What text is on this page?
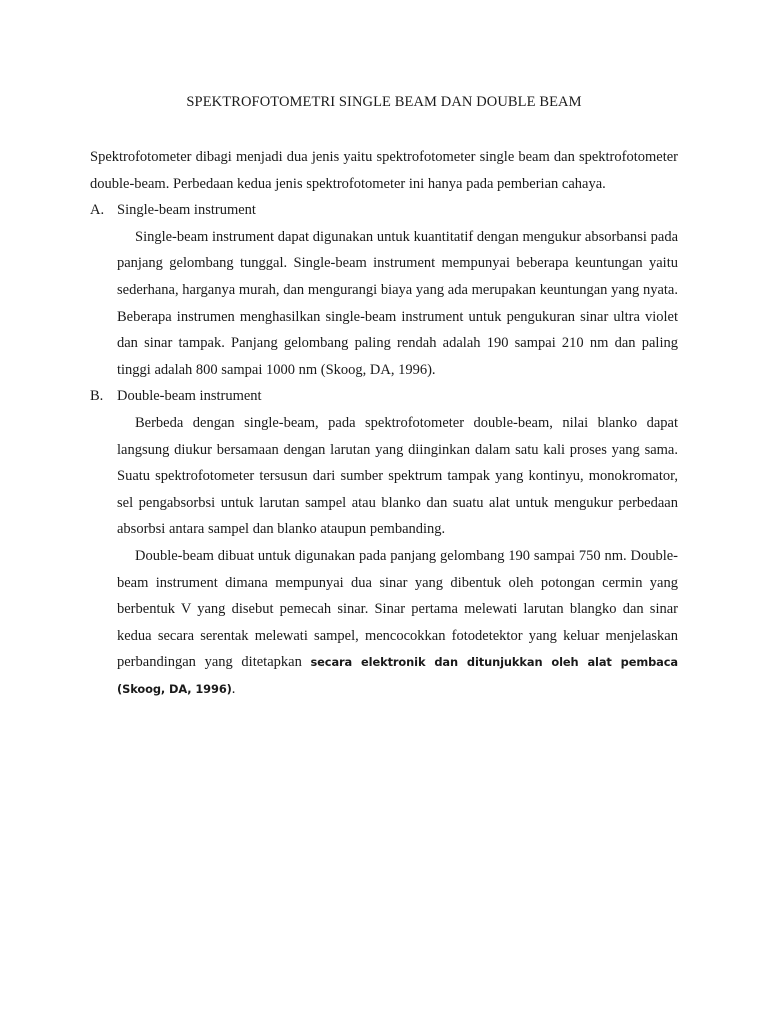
SPEKTROFOTOMETRI SINGLE BEAM DAN DOUBLE BEAM

Spektrofotometer dibagi menjadi dua jenis yaitu spektrofotometer single beam dan spektrofotometer double-beam. Perbedaan kedua jenis spektrofotometer ini hanya pada pemberian cahaya.

A. Single-beam instrument

Single-beam instrument dapat digunakan untuk kuantitatif dengan mengukur absorbansi pada panjang gelombang tunggal. Single-beam instrument mempunyai beberapa keuntungan yaitu sederhana, harganya murah, dan mengurangi biaya yang ada merupakan keuntungan yang nyata. Beberapa instrumen menghasilkan single-beam instrument untuk pengukuran sinar ultra violet dan sinar tampak. Panjang gelombang paling rendah adalah 190 sampai 210 nm dan paling tinggi adalah 800 sampai 1000 nm (Skoog, DA, 1996).

B. Double-beam instrument

Berbeda dengan single-beam, pada spektrofotometer double-beam, nilai blanko dapat langsung diukur bersamaan dengan larutan yang diinginkan dalam satu kali proses yang sama. Suatu spektrofotometer tersusun dari sumber spektrum tampak yang kontinyu, monokromator, sel pengabsorbsi untuk larutan sampel atau blanko dan suatu alat untuk mengukur perbedaan absorbsi antara sampel dan blanko ataupun pembanding.

Double-beam dibuat untuk digunakan pada panjang gelombang 190 sampai 750 nm. Double-beam instrument dimana mempunyai dua sinar yang dibentuk oleh potongan cermin yang berbentuk V yang disebut pemecah sinar. Sinar pertama melewati larutan blangko dan sinar kedua secara serentak melewati sampel, mencocokkan fotodetektor yang keluar menjelaskan perbandingan yang ditetapkan secara elektronik dan ditunjukkan oleh alat pembaca (Skoog, DA, 1996).
